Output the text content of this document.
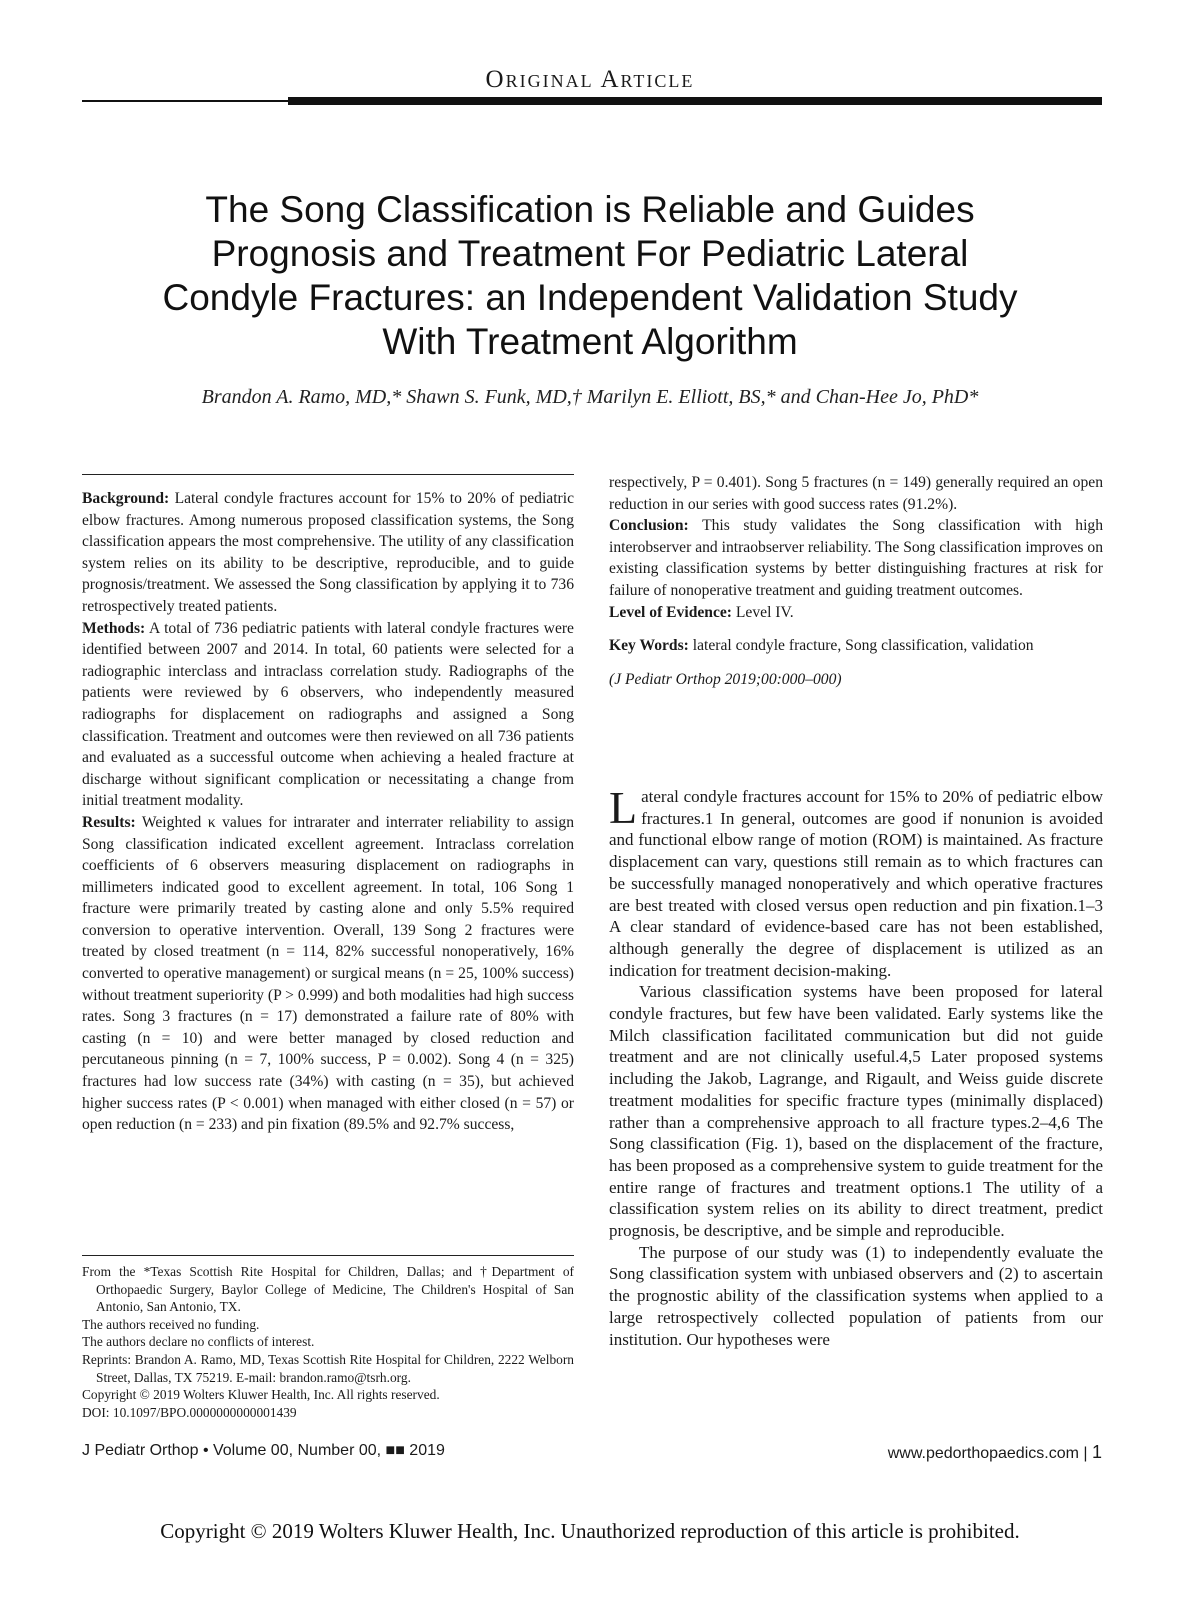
Original Article
The Song Classification is Reliable and Guides Prognosis and Treatment For Pediatric Lateral Condyle Fractures: an Independent Validation Study With Treatment Algorithm
Brandon A. Ramo, MD,* Shawn S. Funk, MD,† Marilyn E. Elliott, BS,* and Chan-Hee Jo, PhD*

Background: Lateral condyle fractures account for 15% to 20% of pediatric elbow fractures. Among numerous proposed classification systems, the Song classification appears the most comprehensive. The utility of any classification system relies on its ability to be descriptive, reproducible, and to guide prognosis/treatment. We assessed the Song classification by applying it to 736 retrospectively treated patients.

Methods: A total of 736 pediatric patients with lateral condyle fractures were identified between 2007 and 2014. In total, 60 patients were selected for a radiographic interclass and intraclass correlation study. Radiographs of the patients were reviewed by 6 observers, who independently measured radiographs for displacement on radiographs and assigned a Song classification. Treatment and outcomes were then reviewed on all 736 patients and evaluated as a successful outcome when achieving a healed fracture at discharge without significant complication or necessitating a change from initial treatment modality.

Results: Weighted κ values for intrarater and interrater reliability to assign Song classification indicated excellent agreement. Intraclass correlation coefficients of 6 observers measuring displacement on radiographs in millimeters indicated good to excellent agreement. In total, 106 Song 1 fracture were primarily treated by casting alone and only 5.5% required conversion to operative intervention. Overall, 139 Song 2 fractures were treated by closed treatment (n = 114, 82% successful nonoperatively, 16% converted to operative management) or surgical means (n = 25, 100% success) without treatment superiority (P > 0.999) and both modalities had high success rates. Song 3 fractures (n = 17) demonstrated a failure rate of 80% with casting (n = 10) and were better managed by closed reduction and percutaneous pinning (n = 7, 100% success, P = 0.002). Song 4 (n = 325) fractures had low success rate (34%) with casting (n = 35), but achieved higher success rates (P < 0.001) when managed with either closed (n = 57) or open reduction (n = 233) and pin fixation (89.5% and 92.7% success,

respectively, P = 0.401). Song 5 fractures (n = 149) generally required an open reduction in our series with good success rates (91.2%).

Conclusion: This study validates the Song classification with high interobserver and intraobserver reliability. The Song classification improves on existing classification systems by better distinguishing fractures at risk for failure of nonoperative treatment and guiding treatment outcomes.

Level of Evidence: Level IV.

Key Words: lateral condyle fracture, Song classification, validation

(J Pediatr Orthop 2019;00:000–000)

L ateral condyle fractures account for 15% to 20% of pediatric elbow fractures.1 In general, outcomes are good if nonunion is avoided and functional elbow range of motion (ROM) is maintained. As fracture displacement can vary, questions still remain as to which fractures can be successfully managed nonoperatively and which operative fractures are best treated with closed versus open reduction and pin fixation.1–3 A clear standard of evidence-based care has not been established, although generally the degree of displacement is utilized as an indication for treatment decision-making.

Various classification systems have been proposed for lateral condyle fractures, but few have been validated. Early systems like the Milch classification facilitated communication but did not guide treatment and are not clinically useful.4,5 Later proposed systems including the Jakob, Lagrange, and Rigault, and Weiss guide discrete treatment modalities for specific fracture types (minimally displaced) rather than a comprehensive approach to all fracture types.2–4,6 The Song classification (Fig. 1), based on the displacement of the fracture, has been proposed as a comprehensive system to guide treatment for the entire range of fractures and treatment options.1 The utility of a classification system relies on its ability to direct treatment, predict prognosis, be descriptive, and be simple and reproducible.

The purpose of our study was (1) to independently evaluate the Song classification system with unbiased observers and (2) to ascertain the prognostic ability of the classification systems when applied to a large retrospectively collected population of patients from our institution. Our hypotheses were

From the *Texas Scottish Rite Hospital for Children, Dallas; and †Department of Orthopaedic Surgery, Baylor College of Medicine, The Children's Hospital of San Antonio, San Antonio, TX.

The authors received no funding.

The authors declare no conflicts of interest.

Reprints: Brandon A. Ramo, MD, Texas Scottish Rite Hospital for Children, 2222 Welborn Street, Dallas, TX 75219. E-mail: brandon.ramo@tsrh.org.

Copyright © 2019 Wolters Kluwer Health, Inc. All rights reserved.

DOI: 10.1097/BPO.0000000000001439

J Pediatr Orthop • Volume 00, Number 00, ■■ 2019	www.pedorthopaedics.com | 1
Copyright © 2019 Wolters Kluwer Health, Inc. Unauthorized reproduction of this article is prohibited.
